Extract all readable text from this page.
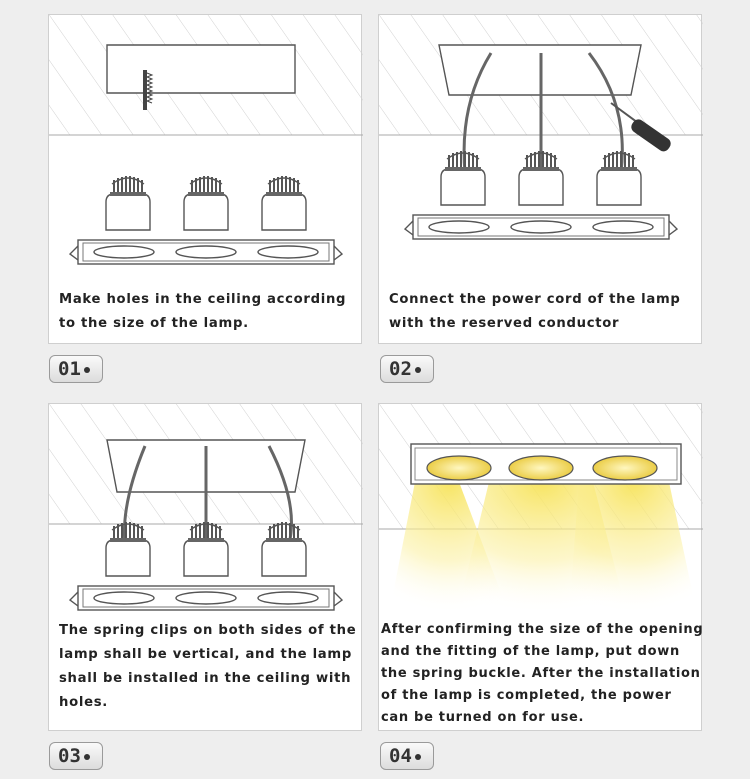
Make holes in the ceiling according
to the size of the lamp.
01
Connect the power cord of the lamp
with the reserved conductor
02
The spring clips on both sides of the
lamp shall be vertical, and the lamp
shall be installed in the ceiling with
holes.
03
After confirming the size of the opening
and the fitting of the lamp, put down
the spring buckle. After the installation
of the lamp is completed, the power
can be turned on for use.
04
